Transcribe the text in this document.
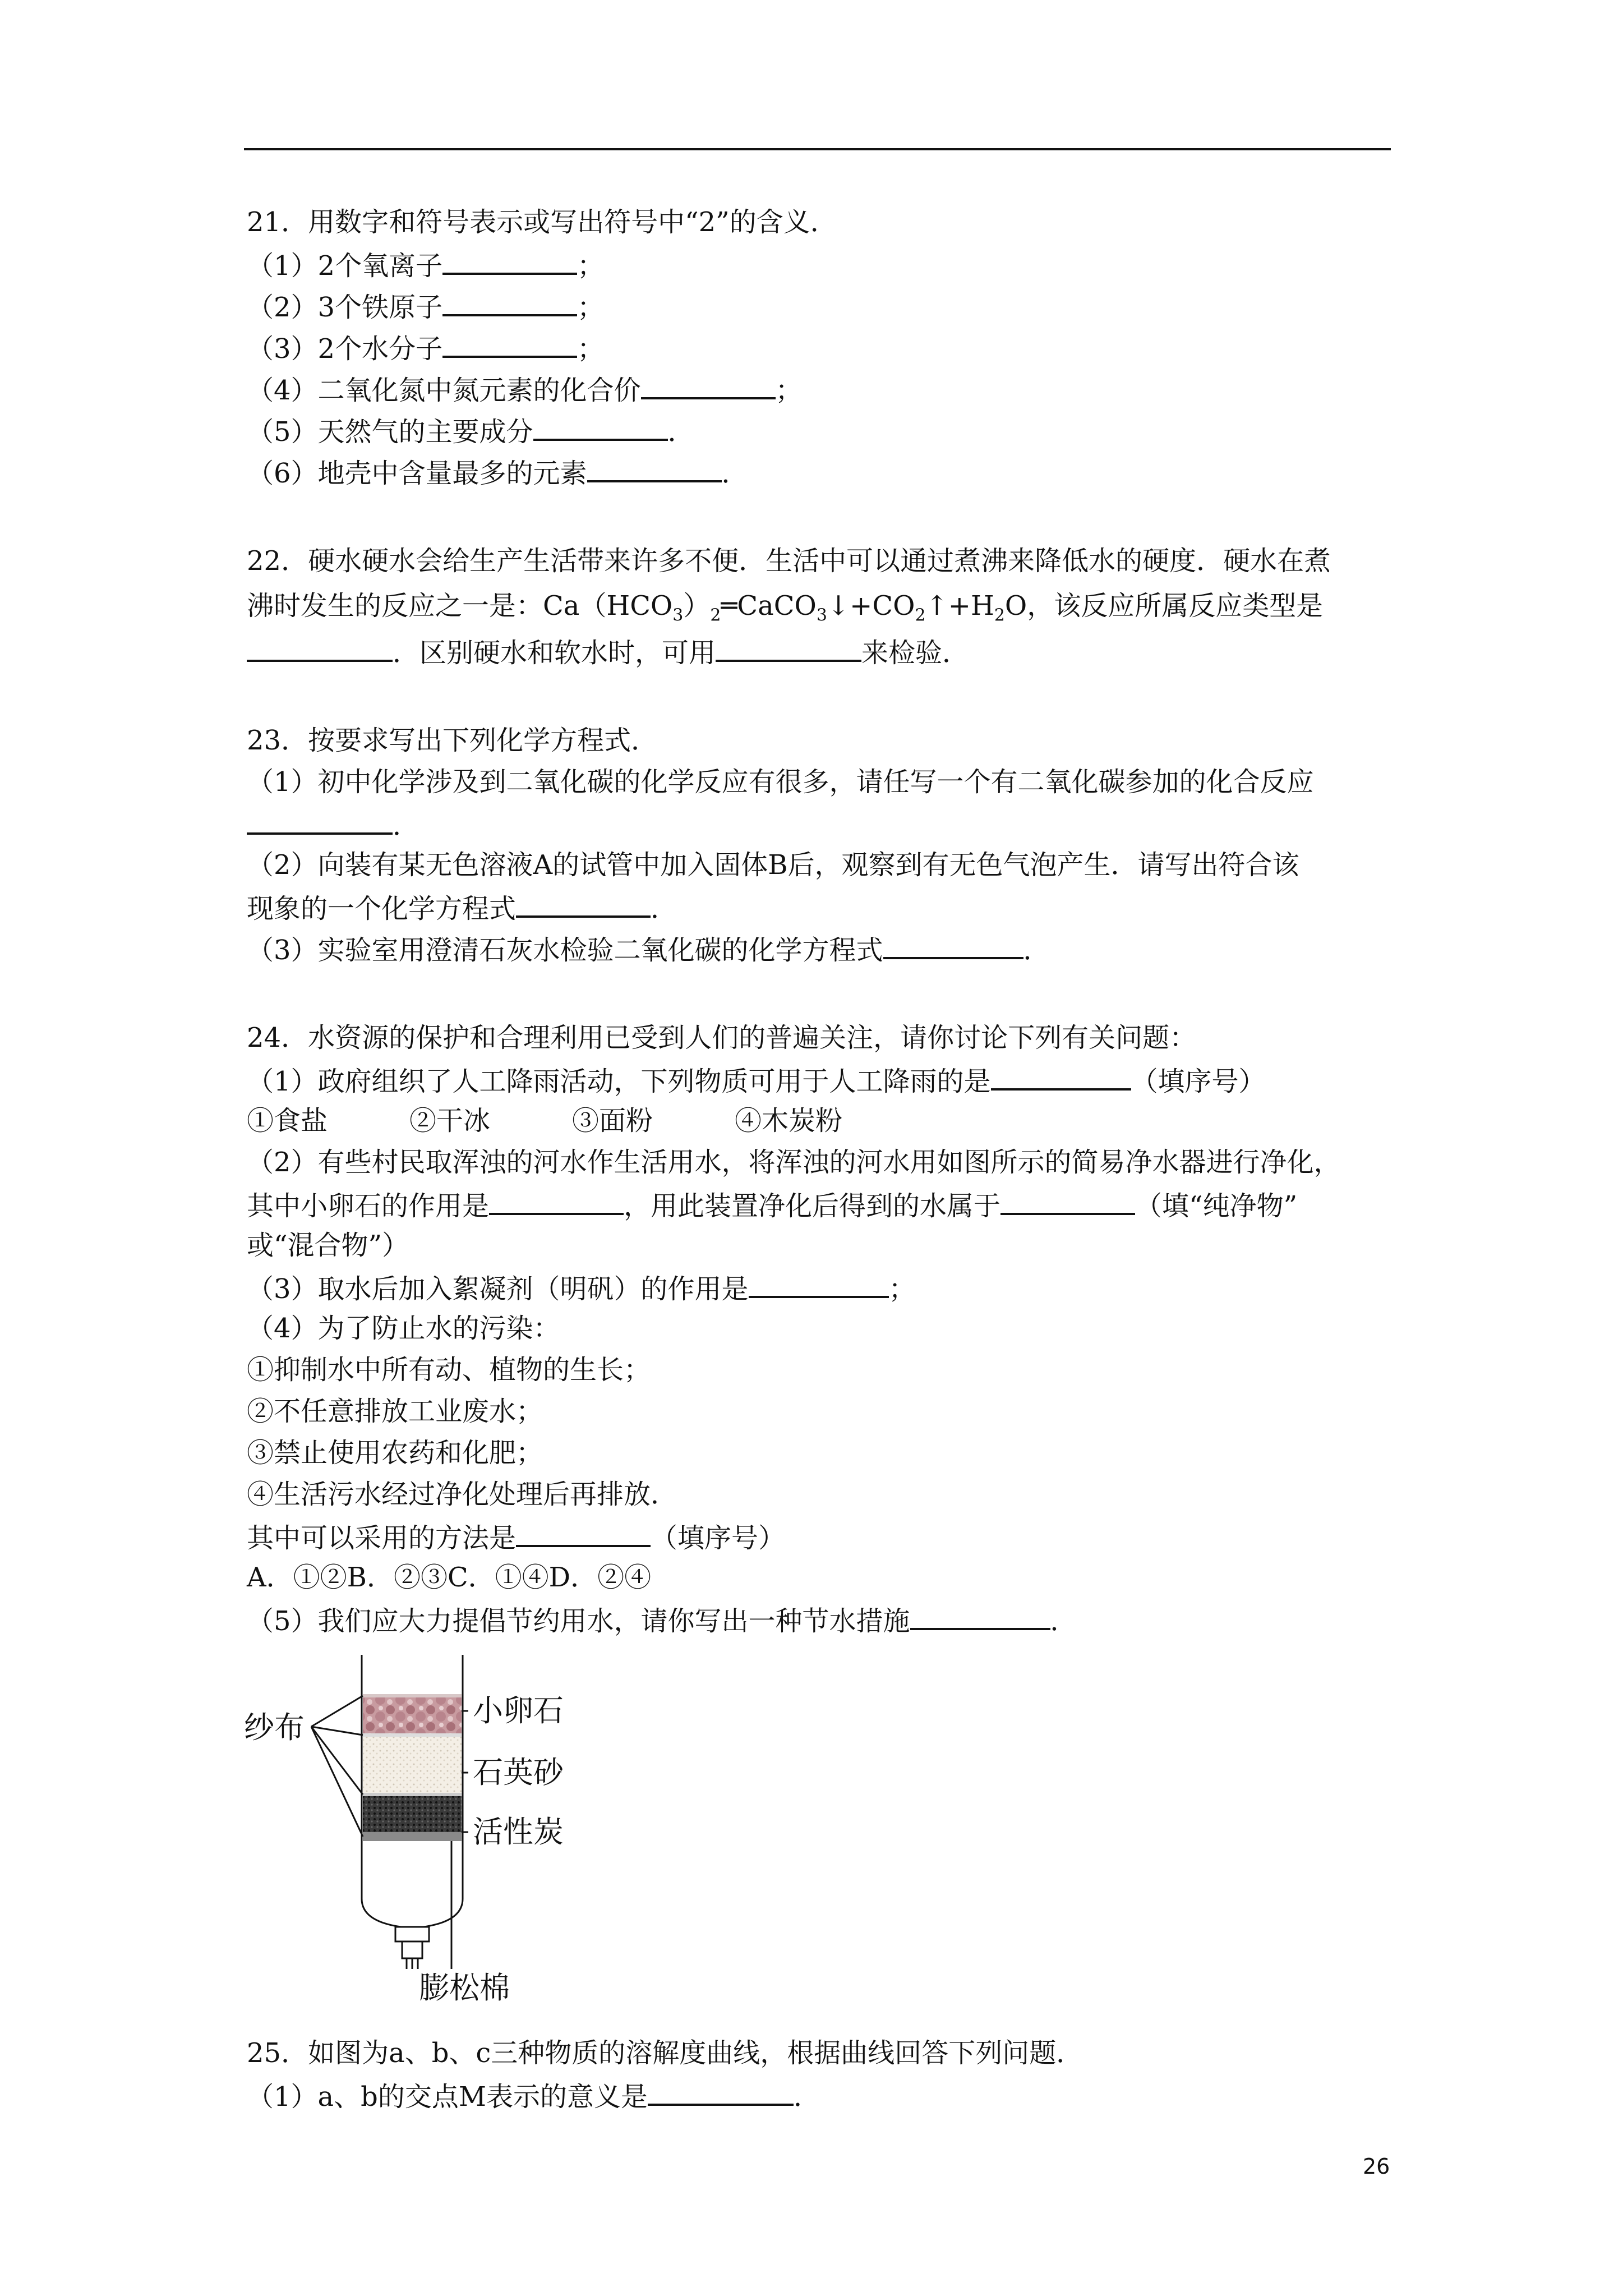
21．用数字和符号表示或写出符号中“2”的含义．
（1）2个氧离子	；
（2）3个铁原子	；
（3）2个水分子	；
（4）二氧化氮中氮元素的化合价	；
（5）天然气的主要成分	．
（6）地壳中含量最多的元素	．
22．硬水硬水会给生产生活带来许多不便．生活中可以通过煮沸来降低水的硬度．硬水在煮
沸时发生的反应之一是：$Ca(HCO_3)_2═CaCO_3↓+CO_2↑+H_2O$，该反应所属反应类型是
．区别硬水和软水时，可用	来检验．
23．按要求写出下列化学方程式．
（1）初中化学涉及到二氧化碳的化学反应有很多，请任写一个有二氧化碳参加的化合反应
．
（2）向装有某无色溶液A的试管中加入固体B后，观察到有无色气泡产生．请写出符合该
现象的一个化学方程式	．
（3）实验室用澄清石灰水检验二氧化碳的化学方程式	．
24．水资源的保护和合理利用已受到人们的普遍关注，请你讨论下列有关问题：
（1）政府组织了人工降雨活动，下列物质可用于人工降雨的是	（填序号）
①食盐	②干冰	③面粉	④木炭粉
（2）有些村民取浑浊的河水作生活用水，将浑浊的河水用如图所示的简易净水器进行净化，
其中小卵石的作用是	，用此装置净化后得到的水属于	（填“纯净物”
或“混合物”）
（3）取水后加入絮凝剂（明矾）的作用是	；
（4）为了防止水的污染：
①抑制水中所有动、植物的生长；
②不任意排放工业废水；
③禁止使用农药和化肥；
④生活污水经过净化处理后再排放．
其中可以采用的方法是	（填序号）
A．①②B．②③C．①④D．②④
（5）我们应大力提倡节约用水，请你写出一种节水措施	．
纱布	小卵石
石英砂
活性炭
膨松棉
25．如图为a、b、c三种物质的溶解度曲线，根据曲线回答下列问题．
（1）a、b的交点M表示的意义是	．
26
